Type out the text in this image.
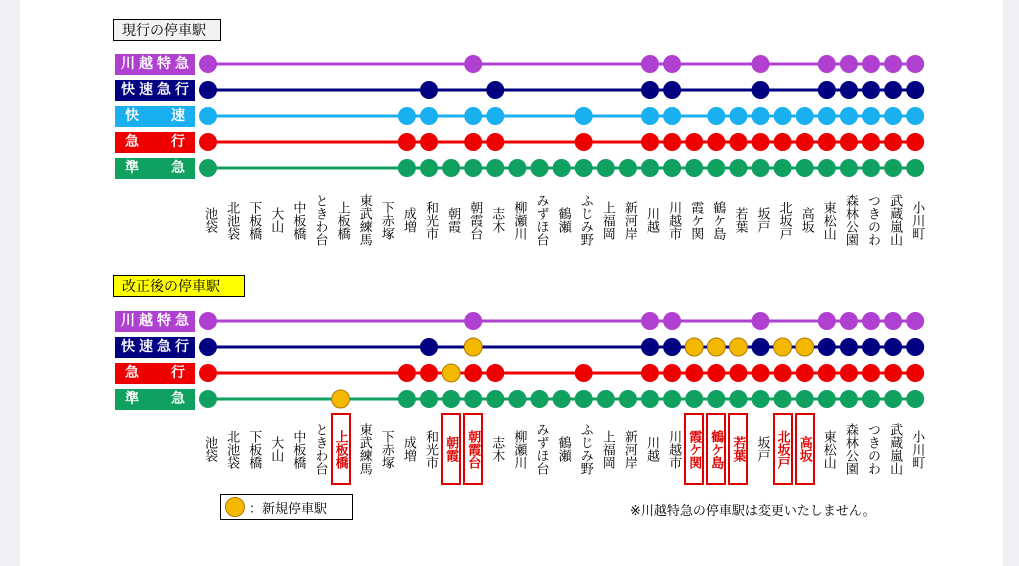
現行の停車駅
改正後の停車駅
川 越 特 急
快 速 急 行
快 速
急 行
準 急
川 越 特 急
快 速 急 行
急 行
準 急
池袋 北池袋 下板橋 大山 中板橋 ときわ台 上板橋 東武練馬 下赤塚 成増 和光市 朝霞 朝霞台 志木 柳瀬川 みずほ台 鶴瀬 ふじみ野 上福岡 新河岸 川越 川越市 霞ケ関 鶴ケ島 若葉 坂戸 北坂戸 高坂 東松山 森林公園 つきのわ 武蔵嵐山 小川町
池袋 北池袋 下板橋 大山 中板橋 ときわ台 上板橋 東武練馬 下赤塚 成増 和光市 朝霞 朝霞台 志木 柳瀬川 みずほ台 鶴瀬 ふじみ野 上福岡 新河岸 川越 川越市 霞ケ関 鶴ケ島 若葉 坂戸 北坂戸 高坂 東松山 森林公園 つきのわ 武蔵嵐山 小川町
：新規停車駅	※川越特急の停車駅は変更いたしません。
